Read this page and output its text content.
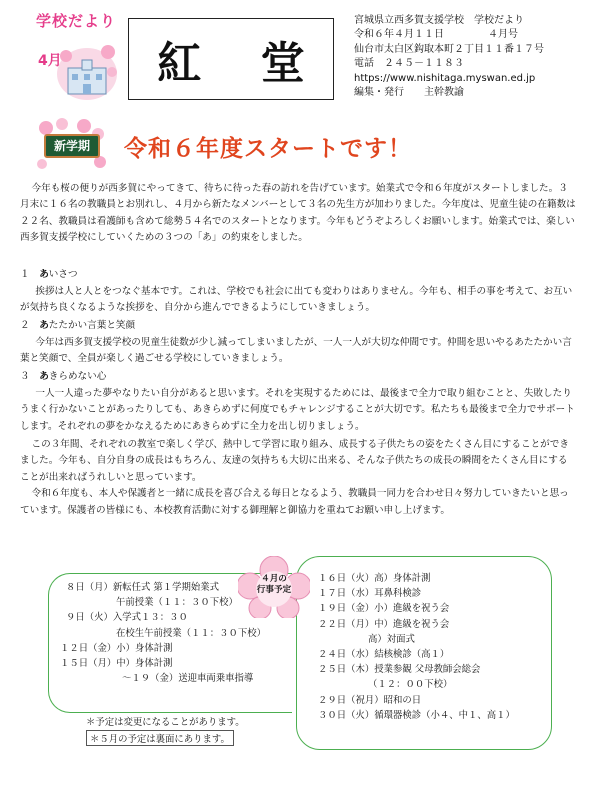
学校だより
4月	紅 堂
宮城県立西多賀支援学校　学校だより
令和６年４月１１日	４月号
仙台市太白区鈎取本町２丁目１１番１７号
電話　２４５－１１８３
https://www.nishitaga.myswan.ed.jp
編集・発行　　主幹教諭
新学期	令和６年度スタートです！

今年も桜の便りが西多賀にやってきて、待ちに待った春の訪れを告げています。始業式で令和６年度がスタートしました。３月末に１６名の教職員とお別れし、４月から新たなメンバーとして３名の先生方が加わりました。今年度は、児童生徒の在籍数は２２名、教職員は看護師も含めて総勢５４名でのスタートとなります。今年もどうぞよろしくお願いします。始業式では、楽しい西多賀支援学校にしていくための３つの「あ」の約束をしました。

１　 あいさつ

挨拶は人と人とをつなぐ基本です。これは、学校でも社会に出ても変わりはありません。今年も、相手の事を考えて、お互いが気持ち良くなるような挨拶を、自分から進んでできるようにしていきましょう。

２　 あたたかい言葉と笑顔

今年は西多賀支援学校の児童生徒数が少し減ってしまいましたが、一人一人が大切な仲間です。仲間を思いやるあたたかい言葉と笑顔で、全員が楽しく過ごせる学校にしていきましょう。

３　 あきらめない心

一人一人違った夢やなりたい自分があると思います。それを実現するためには、最後まで全力で取り組むことと、失敗したりうまく行かないことがあったりしても、あきらめずに何度でもチャレンジすることが大切です。私たちも最後まで全力でサポートします。それぞれの夢をかなえるためにあきらめずに全力を出し切りましょう。

この３年間、それぞれの教室で楽しく学び、熱中して学習に取り組み、成長する子供たちの姿をたくさん目にすることができました。今年も、自分自身の成長はもちろん、友達の気持ちも大切に出来る、そんな子供たちの成長の瞬間をたくさん目にすることが出来ればうれしいと思っています。

令和６年度も、本人や保護者と一緒に成長を喜び合える毎日となるよう、教職員一同力を合わせ日々努力していきたいと思っています。保護者の皆様にも、本校教育活動に対する御理解と御協力を重ねてお願い申し上げます。

４月の
行事予定
８日（月）新転任式 第１学期始業式
午前授業（１１：３０下校）
９日（火）入学式１３：３０
在校生午前授業（１１：３０下校）
１２日（金）小）身体計測
１５日（月）中）身体計測
～１９（金）送迎車両乗車指導
１６日（火）高）身体計測
１７日（水）耳鼻科検診
１９日（金）小）進級を祝う会
２２日（月）中）進級を祝う会
高）対面式
２４日（水）結核検診（高１）
２５日（木）授業参観 父母教師会総会
（１２：００下校）
２９日（祝月）昭和の日
３０日（火）循環器検診（小４、中１、高１）
＊予定は変更になることがあります。
＊５月の予定は裏面にあります。
